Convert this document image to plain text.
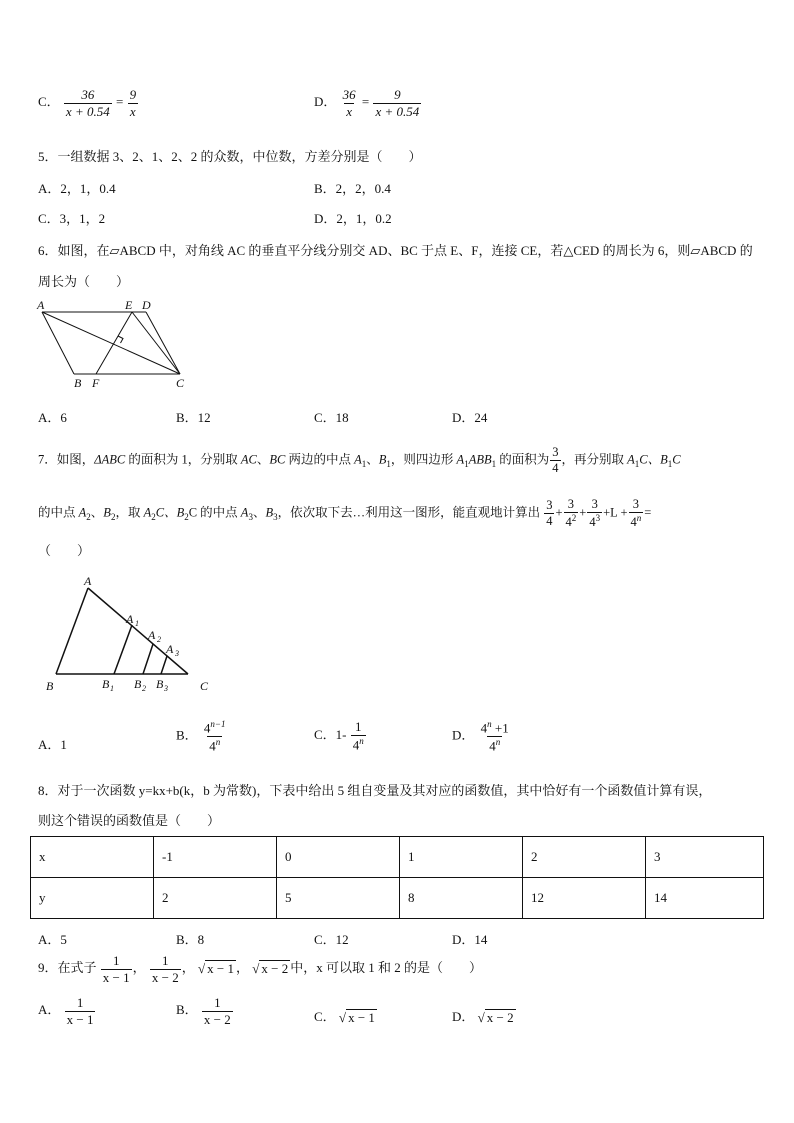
C． $\frac{36}{x + 0.54} = \frac{9}{x}$	D． $\frac{36}{x} = \frac{9}{x + 0.54}$
5．一组数据 3、2、1、2、2 的众数，中位数，方差分别是（　　）
A．2，1，0.4	B．2，2，0.4
C．3，1，2	D．2，1，0.2
6．如图，在▱ABCD 中，对角线 AC 的垂直平分线分别交 AD、BC 于点 E、F，连接 CE，若△CED 的周长为 6，则▱ABCD 的
周长为（　　）
A	E D
B F	C
A．6	B．12	C．18	D．24
7．如图，ΔABC 的面积为 1，分别取 AC、BC 两边的中点 $A_1$、$B_1$，则四边形 $A_1ABB_1$ 的面积为 $\frac{3}{4}$ ，再分别取 $A_1C$、$B_1C$
的中点 $A_2$、$B_2$，取 $A_2C$、$B_2C$ 的中点 $A_3$、$B_3$，依次取下去…利用这一图形，能直观地计算出 $\frac{3}{4} + \frac{3}{4^2} + \frac{3}{4^3} +L + \frac{3}{4^n}$ =
（　　）
A
A 1
A 2
A 3
B	B 1 B 2 B 3	C
A．1
B． $\frac{4^{n-1}}{4^n}$	C．$1- \frac{1}{4^n}$	D． $\frac{4^n +1}{4^n}$
8．对于一次函数 y=kx+b(k，b 为常数)，下表中给出 5 组自变量及其对应的函数值，其中恰好有一个函数值计算有误，
则这个错误的函数值是（　　）
x	-1	0	1	2	3
y	2	5	8	12	14
A．5	B．8	C．12	D．14
9．在式子 $\frac{1}{x - 1}$ ， $\frac{1}{x - 2}$ ， √ x − 1 ， √ x − 2 中，x 可以取 1 和 2 的是（　　）
A． $\frac{1}{x - 1}$	B． $\frac{1}{x - 2}$	C． √ x − 1	D． √ x − 2
